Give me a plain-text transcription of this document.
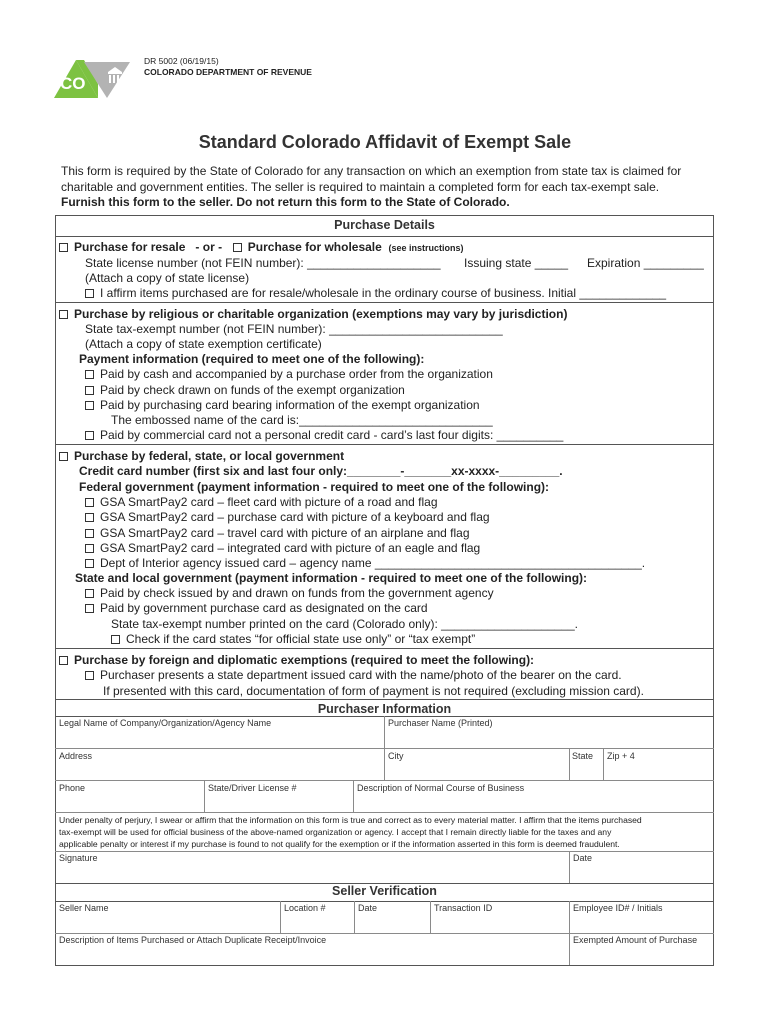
CDOR
CO
DR 5002 (06/19/15)
COLORADO DEPARTMENT OF REVENUE
Standard Colorado Affidavit of Exempt Sale
This form is required by the State of Colorado for any transaction on which an exemption from state tax is claimed for
charitable and government entities. The seller is required to maintain a completed form for each tax-exempt sale.
Furnish this form to the seller. Do not return this form to the State of Colorado.
Purchase Details
Purchase for resale - or - Purchase for wholesale (see instructions)
State license number (not FEIN number): ____________________ Issuing state _____ Expiration _________
(Attach a copy of state license)
I affirm items purchased are for resale/wholesale in the ordinary course of business. Initial _____________
Purchase by religious or charitable organization (exemptions may vary by jurisdiction)
State tax-exempt number (not FEIN number): __________________________
(Attach a copy of state exemption certificate)
Payment information (required to meet one of the following):
Paid by cash and accompanied by a purchase order from the organization
Paid by check drawn on funds of the exempt organization
Paid by purchasing card bearing information of the exempt organization
The embossed name of the card is:_____________________________
Paid by commercial card not a personal credit card - card’s last four digits: __________
Purchase by federal, state, or local government
Credit card number (first six and last four only:________-_______xx-xxxx-_________.
Federal government (payment information - required to meet one of the following):
GSA SmartPay2 card – fleet card with picture of a road and flag
GSA SmartPay2 card – purchase card with picture of a keyboard and flag
GSA SmartPay2 card – travel card with picture of an airplane and flag
GSA SmartPay2 card – integrated card with picture of an eagle and flag
Dept of Interior agency issued card – agency name ________________________________________.
State and local government (payment information - required to meet one of the following):
Paid by check issued by and drawn on funds from the government agency
Paid by government purchase card as designated on the card
State tax-exempt number printed on the card (Colorado only): ____________________.
Check if the card states “for official state use only” or “tax exempt”
Purchase by foreign and diplomatic exemptions (required to meet the following):
Purchaser presents a state department issued card with the name/photo of the bearer on the card.
If presented with this card, documentation of form of payment is not required (excluding mission card).
Purchaser Information
Legal Name of Company/Organization/Agency Name	Purchaser Name (Printed)
Address	City	State Zip + 4
Phone	State/Driver License #	Description of Normal Course of Business
Under penalty of perjury, I swear or affirm that the information on this form is true and correct as to every material matter. I affirm that the items purchased
tax-exempt will be used for official business of the above-named organization or agency. I accept that I remain directly liable for the taxes and any
applicable penalty or interest if my purchase is found to not qualify for the exemption or if the information asserted in this form is deemed fraudulent.
Signature	Date
Seller Verification
Seller Name	Location #	Date	Transaction ID	Employee ID# / Initials
Description of Items Purchased or Attach Duplicate Receipt/Invoice	Exempted Amount of Purchase
